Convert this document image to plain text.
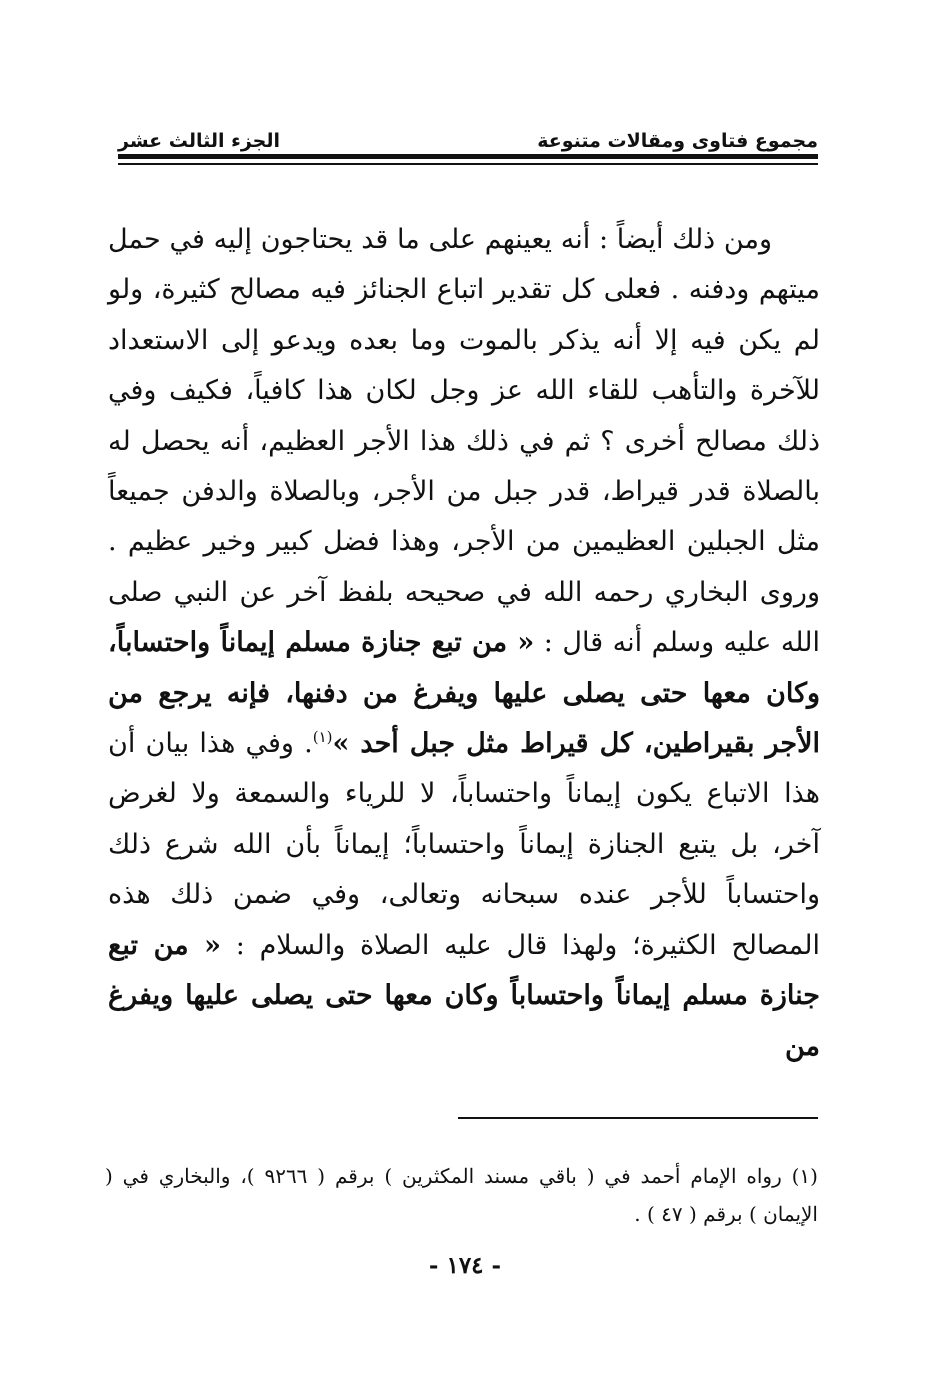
مجموع فتاوى ومقالات متنوعة
الجزء الثالث عشر

ومن ذلك أيضاً : أنه يعينهم على ما قد يحتاجون إليه في حمل ميتهم ودفنه . فعلى كل تقدير اتباع الجنائز فيه مصالح كثيرة، ولو لم يكن فيه إلا أنه يذكر بالموت وما بعده ويدعو إلى الاستعداد للآخرة والتأهب للقاء الله عز وجل لكان هذا كافياً، فكيف وفي ذلك مصالح أخرى ؟ ثم في ذلك هذا الأجر العظيم، أنه يحصل له بالصلاة قدر قيراط، قدر جبل من الأجر، وبالصلاة والدفن جميعاً مثل الجبلين العظيمين من الأجر، وهذا فضل كبير وخير عظيم . وروى البخاري رحمه الله في صحيحه بلفظ آخر عن النبي صلى الله عليه وسلم أنه قال : « من تبع جنازة مسلم إيماناً واحتساباً، وكان معها حتى يصلى عليها ويفرغ من دفنها، فإنه يرجع من الأجر بقيراطين، كل قيراط مثل جبل أحد »$^{(١)}$. وفي هذا بيان أن هذا الاتباع يكون إيماناً واحتساباً، لا للرياء والسمعة ولا لغرض آخر، بل يتبع الجنازة إيماناً واحتساباً؛ إيماناً بأن الله شرع ذلك واحتساباً للأجر عنده سبحانه وتعالى، وفي ضمن ذلك هذه المصالح الكثيرة؛ ولهذا قال عليه الصلاة والسلام : « من تبع جنازة مسلم إيماناً واحتساباً وكان معها حتى يصلى عليها ويفرغ من

(١) رواه الإمام أحمد في ( باقي مسند المكثرين ) برقم ( ٩٢٦٦ )، والبخاري في ( الإيمان ) برقم ( ٤٧ ) .

- ١٧٤ -
